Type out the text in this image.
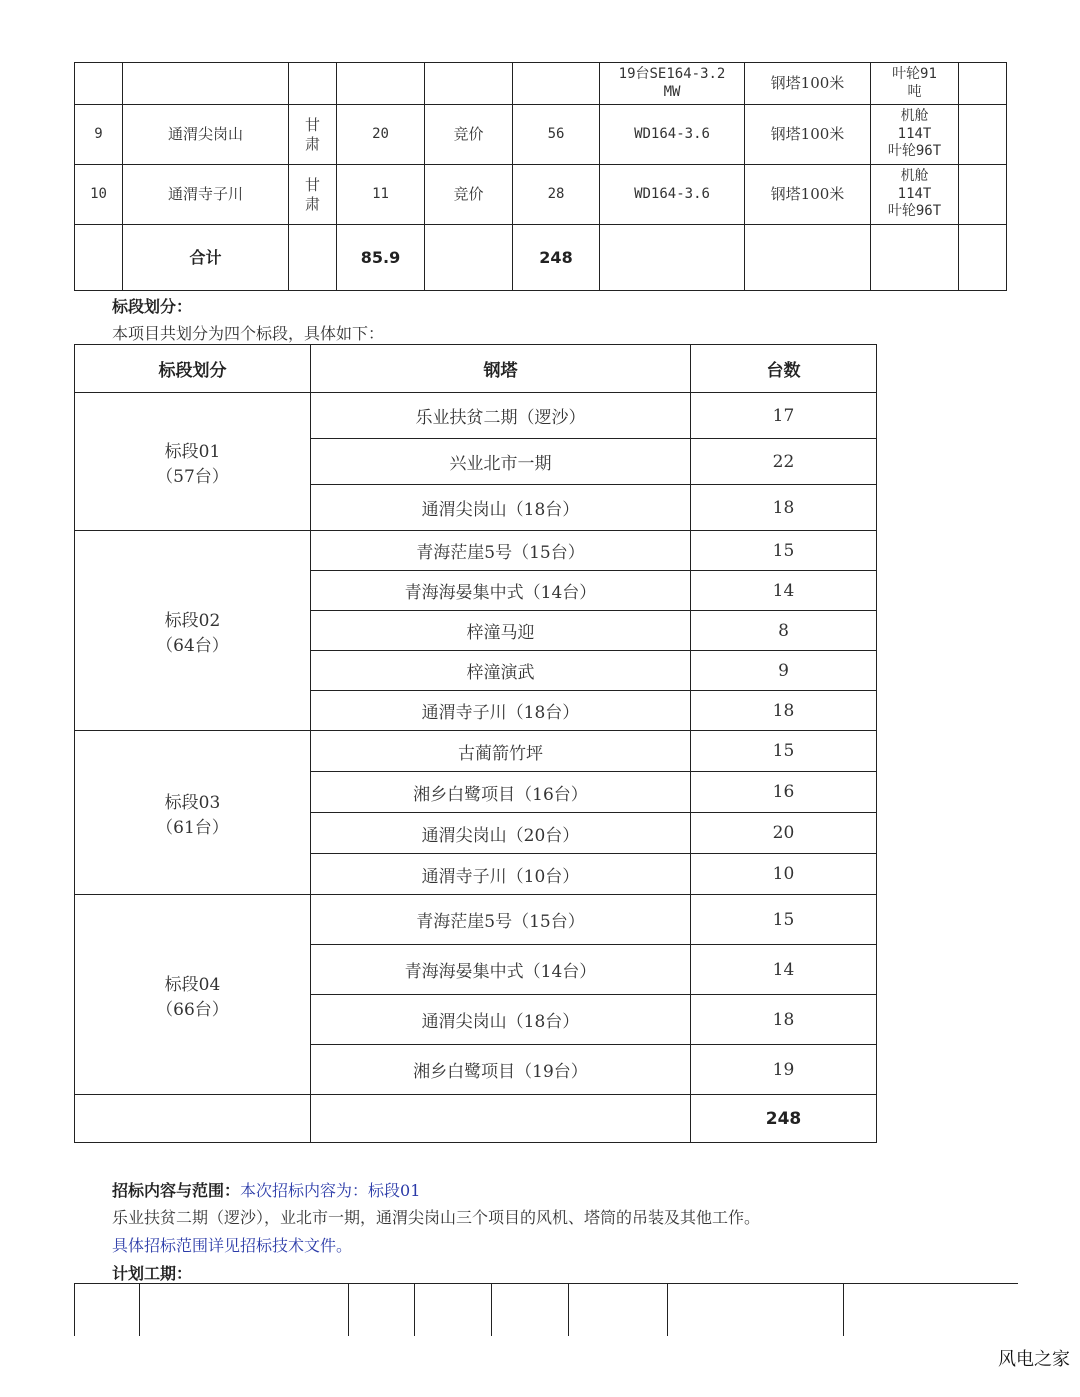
						19台SE164-3.2
MW	钢塔100米	叶轮91
吨	
9	通渭尖岗山	甘
肃	20	竞价	56	WD164-3.6	钢塔100米	机舱
114T
叶轮96T	
10	通渭寺子川	甘
肃	11	竞价	28	WD164-3.6	钢塔100米	机舱
114T
叶轮96T	
	合计		85.9		248				
标段划分：
本项目共划分为四个标段，具体如下：
标段划分	钢塔	台数

标段01
（57台）	乐业扶贫二期（逻沙）	17
	兴业北市一期	22
	通渭尖岗山（18台）	18

标段02
（64台）	青海茫崖5号（15台）	15
	青海海晏集中式（14台）	14
	梓潼马迎	8
	梓潼演武	9
	通渭寺子川（18台）	18

标段03
（61台）	古蔺箭竹坪	15
	湘乡白鹭项目（16台）	16
	通渭尖岗山（20台）	20
	通渭寺子川（10台）	10

标段04
（66台）	青海茫崖5号（15台）	15
	青海海晏集中式（14台）	14
	通渭尖岗山（18台）	18
	湘乡白鹭项目（19台）	19
		248
招标内容与范围：本次招标内容为：标段01
乐业扶贫二期（逻沙），业北市一期，通渭尖岗山三个项目的风机、塔筒的吊装及其他工作。
具体招标范围详见招标技术文件。
计划工期：
风电之家
